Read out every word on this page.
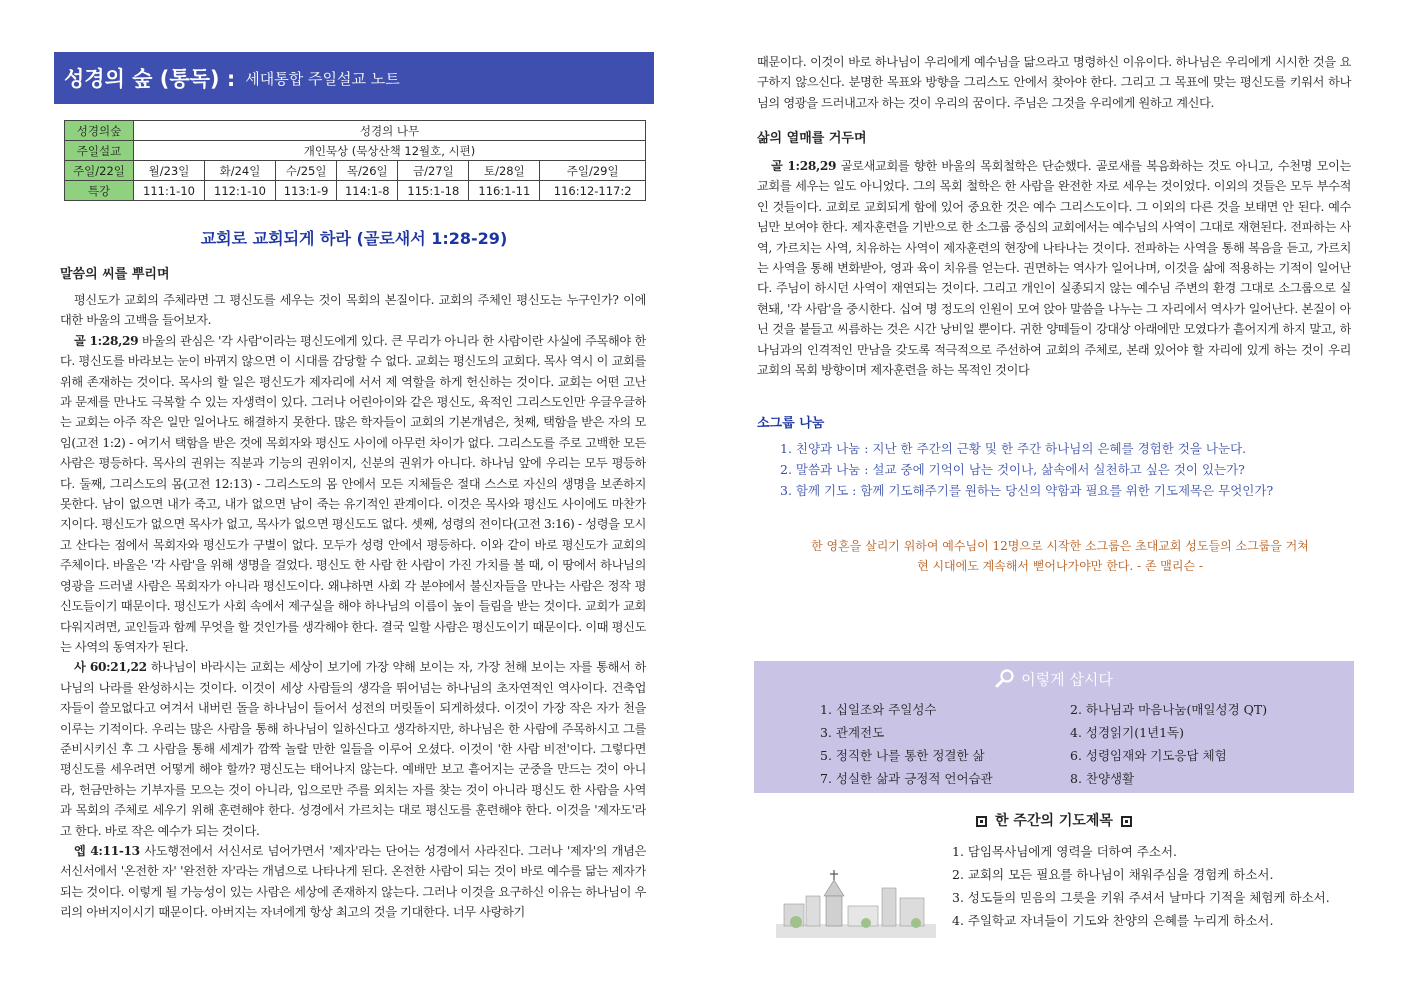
성경의 숲 (통독) : 세대통합 주일설교 노트
성경의숲	성경의 나무						
주일설교	개인묵상 (묵상산책 12월호, 시편)						
주일/22일	월/23일	화/24일	수/25일	목/26일	금/27일	토/28일	주일/29일
특강	111:1-10	112:1-10	113:1-9	114:1-8	115:1-18	116:1-11	116:12-117:2
교회로 교회되게 하라 (골로새서 1:28-29)
말씀의 씨를 뿌리며

평신도가 교회의 주체라면 그 평신도를 세우는 것이 목회의 본질이다. 교회의 주체인 평신도는 누구인가? 이에 대한 바울의 고백을 들어보자.

골 1:28,29 바울의 관심은 '각 사람'이라는 평신도에게 있다. 큰 무리가 아니라 한 사람이란 사실에 주목해야 한다. 평신도를 바라보는 눈이 바뀌지 않으면 이 시대를 감당할 수 없다. 교회는 평신도의 교회다. 목사 역시 이 교회를 위해 존재하는 것이다. 목사의 할 일은 평신도가 제자리에 서서 제 역할을 하게 헌신하는 것이다. 교회는 어떤 고난과 문제를 만나도 극복할 수 있는 자생력이 있다. 그러나 어린아이와 같은 평신도, 육적인 그리스도인만 우글우글하는 교회는 아주 작은 일만 일어나도 해결하지 못한다. 많은 학자들이 교회의 기본개념은, 첫째, 택함을 받은 자의 모임(고전 1:2) - 여기서 택함을 받은 것에 목회자와 평신도 사이에 아무런 차이가 없다. 그리스도를 주로 고백한 모든 사람은 평등하다. 목사의 권위는 직분과 기능의 권위이지, 신분의 권위가 아니다. 하나님 앞에 우리는 모두 평등하다. 둘째, 그리스도의 몸(고전 12:13) - 그리스도의 몸 안에서 모든 지체들은 절대 스스로 자신의 생명을 보존하지 못한다. 남이 없으면 내가 죽고, 내가 없으면 남이 죽는 유기적인 관계이다. 이것은 목사와 평신도 사이에도 마찬가지이다. 평신도가 없으면 목사가 없고, 목사가 없으면 평신도도 없다. 셋째, 성령의 전이다(고전 3:16) - 성령을 모시고 산다는 점에서 목회자와 평신도가 구별이 없다. 모두가 성령 안에서 평등하다. 이와 같이 바로 평신도가 교회의 주체이다. 바울은 '각 사람'을 위해 생명을 걸었다. 평신도 한 사람 한 사람이 가진 가치를 볼 때, 이 땅에서 하나님의 영광을 드러낼 사람은 목회자가 아니라 평신도이다. 왜냐하면 사회 각 분야에서 불신자들을 만나는 사람은 정작 평신도들이기 때문이다. 평신도가 사회 속에서 제구실을 해야 하나님의 이름이 높이 들림을 받는 것이다. 교회가 교회다워지려면, 교인들과 함께 무엇을 할 것인가를 생각해야 한다. 결국 일할 사람은 평신도이기 때문이다. 이때 평신도는 사역의 동역자가 된다.

사 60:21,22 하나님이 바라시는 교회는 세상이 보기에 가장 약해 보이는 자, 가장 천해 보이는 자를 통해서 하나님의 나라를 완성하시는 것이다. 이것이 세상 사람들의 생각을 뛰어넘는 하나님의 초자연적인 역사이다. 건축업자들이 쓸모없다고 여겨서 내버린 돌을 하나님이 들어서 성전의 머릿돌이 되게하셨다. 이것이 가장 작은 자가 천을 이루는 기적이다. 우리는 많은 사람을 통해 하나님이 일하신다고 생각하지만, 하나님은 한 사람에 주목하시고 그를 준비시키신 후 그 사람을 통해 세계가 깜짝 놀랄 만한 일들을 이루어 오셨다. 이것이 '한 사람 비전'이다. 그렇다면 평신도를 세우려면 어떻게 해야 할까? 평신도는 태어나지 않는다. 예배만 보고 흩어지는 군중을 만드는 것이 아니라, 헌금만하는 기부자를 모으는 것이 아니라, 입으로만 주를 외치는 자를 찾는 것이 아니라 평신도 한 사람을 사역과 목회의 주체로 세우기 위해 훈련해야 한다. 성경에서 가르치는 대로 평신도를 훈련해야 한다. 이것을 '제자도'라고 한다. 바로 작은 예수가 되는 것이다.

엡 4:11-13 사도행전에서 서신서로 넘어가면서 '제자'라는 단어는 성경에서 사라진다. 그러나 '제자'의 개념은 서신서에서 '온전한 자' '완전한 자'라는 개념으로 나타나게 된다. 온전한 사람이 되는 것이 바로 예수를 닮는 제자가 되는 것이다. 이렇게 될 가능성이 있는 사람은 세상에 존재하지 않는다. 그러나 이것을 요구하신 이유는 하나님이 우리의 아버지이시기 때문이다. 아버지는 자녀에게 항상 최고의 것을 기대한다. 너무 사랑하기

때문이다. 이것이 바로 하나님이 우리에게 예수님을 닮으라고 명령하신 이유이다. 하나님은 우리에게 시시한 것을 요구하지 않으신다. 분명한 목표와 방향을 그리스도 안에서 찾아야 한다. 그리고 그 목표에 맞는 평신도를 키워서 하나님의 영광을 드러내고자 하는 것이 우리의 꿈이다. 주님은 그것을 우리에게 원하고 계신다.

삶의 열매를 거두며

골 1:28,29 골로새교회를 향한 바울의 목회철학은 단순했다. 골로새를 복음화하는 것도 아니고, 수천명 모이는 교회를 세우는 일도 아니었다. 그의 목회 철학은 한 사람을 완전한 자로 세우는 것이었다. 이외의 것들은 모두 부수적인 것들이다. 교회로 교회되게 함에 있어 중요한 것은 예수 그리스도이다. 그 이외의 다른 것을 보태면 안 된다. 예수님만 보여야 한다. 제자훈련을 기반으로 한 소그룹 중심의 교회에서는 예수님의 사역이 그대로 재현된다. 전파하는 사역, 가르치는 사역, 치유하는 사역이 제자훈련의 현장에 나타나는 것이다. 전파하는 사역을 통해 복음을 듣고, 가르치는 사역을 통해 변화받아, 영과 육이 치유를 얻는다. 권면하는 역사가 일어나며, 이것을 삶에 적용하는 기적이 일어난다. 주님이 하시던 사역이 재연되는 것이다. 그리고 개인이 실종되지 않는 예수님 주변의 환경 그대로 소그룹으로 실현돼, '각 사람'을 중시한다. 십여 명 정도의 인원이 모여 앉아 말씀을 나누는 그 자리에서 역사가 일어난다. 본질이 아닌 것을 붙들고 씨름하는 것은 시간 낭비일 뿐이다. 귀한 양떼들이 강대상 아래에만 모였다가 흩어지게 하지 말고, 하나님과의 인격적인 만남을 갖도록 적극적으로 주선하여 교회의 주체로, 본래 있어야 할 자리에 있게 하는 것이 우리 교회의 목회 방향이며 제자훈련을 하는 목적인 것이다

소그룹 나눔
1. 친양과 나눔 : 지난 한 주간의 근황 및 한 주간 하나님의 은혜를 경험한 것을 나눈다.
2. 말씀과 나눔 : 설교 중에 기억이 남는 것이나, 삶속에서 실천하고 싶은 것이 있는가?
3. 함께 기도 : 함께 기도해주기를 원하는 당신의 약함과 필요를 위한 기도제목은 무엇인가?
한 영혼을 살리기 위하여 예수님이 12명으로 시작한 소그룹은 초대교회 성도들의 소그룹을 거쳐
현 시대에도 계속해서 뻗어나가야만 한다. - 존 맬리슨 -
이렇게 삽시다
1. 십일조와 주일성수	2. 하나님과 마음나눔(매일성경 QT)
3. 관계전도	4. 성경읽기(1년1독)
5. 정직한 나를 통한 정결한 삶	6. 성령임재와 기도응답 체험
7. 성실한 삶과 긍정적 언어습관	8. 찬양생활
한 주간의 기도제목
1. 담임목사님에게 영력을 더하여 주소서.
2. 교회의 모든 필요를 하나님이 채워주심을 경험케 하소서.
3. 성도들의 믿음의 그릇을 키워 주셔서 날마다 기적을 체험케 하소서.
4. 주일학교 자녀들이 기도와 찬양의 은혜를 누리게 하소서.
